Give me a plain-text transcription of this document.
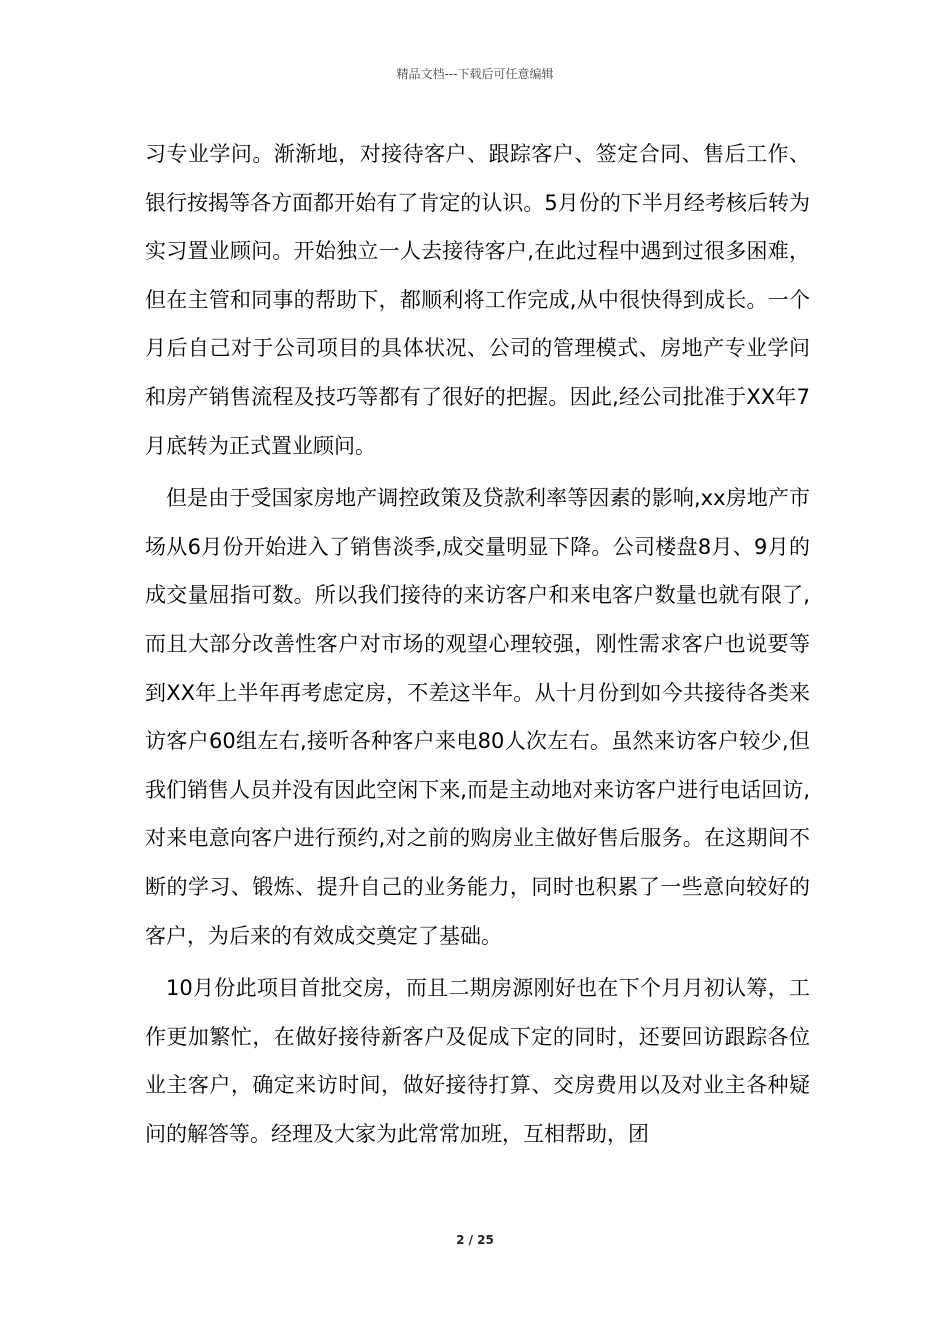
精品文档---下载后可任意编辑

习专业学问。渐渐地，对接待客户、跟踪客户、签定合同、售后工作、银行按揭等各方面都开始有了肯定的认识。5月份的下半月经考核后转为实习置业顾问。开始独立一人去接待客户,在此过程中遇到过很多困难，但在主管和同事的帮助下，都顺利将工作完成,从中很快得到成长。一个月后自己对于公司项目的具体状况、公司的管理模式、房地产专业学问和房产销售流程及技巧等都有了很好的把握。因此,经公司批准于XX年7月底转为正式置业顾问。

但是由于受国家房地产调控政策及贷款利率等因素的影响,xx房地产市场从6月份开始进入了销售淡季,成交量明显下降。公司楼盘8月、9月的成交量屈指可数。所以我们接待的来访客户和来电客户数量也就有限了,而且大部分改善性客户对市场的观望心理较强，刚性需求客户也说要等到XX年上半年再考虑定房，不差这半年。从十月份到如今共接待各类来访客户60组左右,接听各种客户来电80人次左右。虽然来访客户较少,但我们销售人员并没有因此空闲下来,而是主动地对来访客户进行电话回访,对来电意向客户进行预约,对之前的购房业主做好售后服务。在这期间不断的学习、锻炼、提升自己的业务能力，同时也积累了一些意向较好的客户，为后来的有效成交奠定了基础。

10月份此项目首批交房，而且二期房源刚好也在下个月月初认筹，工作更加繁忙，在做好接待新客户及促成下定的同时，还要回访跟踪各位业主客户，确定来访时间，做好接待打算、交房费用以及对业主各种疑问的解答等。经理及大家为此常常加班，互相帮助，团

2 / 25
